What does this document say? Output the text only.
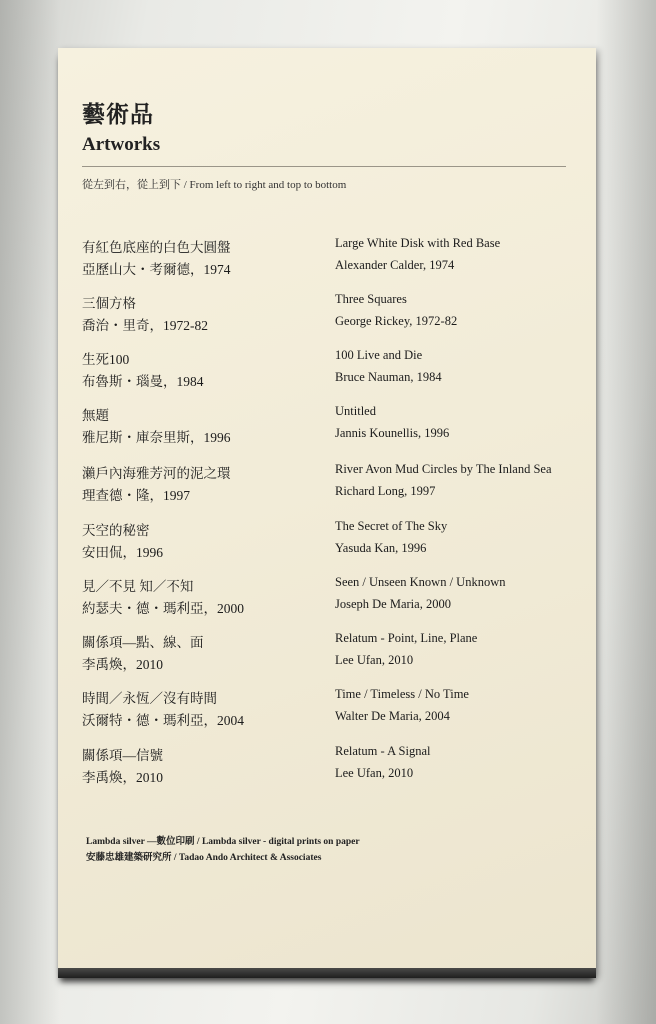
藝術品
Artworks
從左到右，從上到下 / From left to right and top to bottom
有紅色底座的白色大圓盤
亞歷山大・考爾德，1974
Large White Disk with Red Base
Alexander Calder, 1974
三個方格
喬治・里奇，1972-82
Three Squares
George Rickey, 1972-82
生死100
布魯斯・瑙曼，1984
100 Live and Die
Bruce Nauman, 1984
無題
雅尼斯・庫奈里斯，1996
Untitled
Jannis Kounellis, 1996
瀨戶內海雅芳河的泥之環
理查德・隆，1997
River Avon Mud Circles by The Inland Sea
Richard Long, 1997
天空的秘密
安田侃，1996
The Secret of The Sky
Yasuda Kan, 1996
見／不見 知／不知
約瑟夫・德・瑪利亞，2000
Seen / Unseen Known / Unknown
Joseph De Maria, 2000
關係項—點、線、面
李禹煥，2010
Relatum - Point, Line, Plane
Lee Ufan, 2010
時間／永恆／沒有時間
沃爾特・德・瑪利亞，2004
Time / Timeless / No Time
Walter De Maria, 2004
關係項—信號
李禹煥，2010
Relatum - A Signal
Lee Ufan, 2010
Lambda silver —數位印刷 / Lambda silver - digital prints on paper
安藤忠雄建築研究所 / Tadao Ando Architect & Associates
